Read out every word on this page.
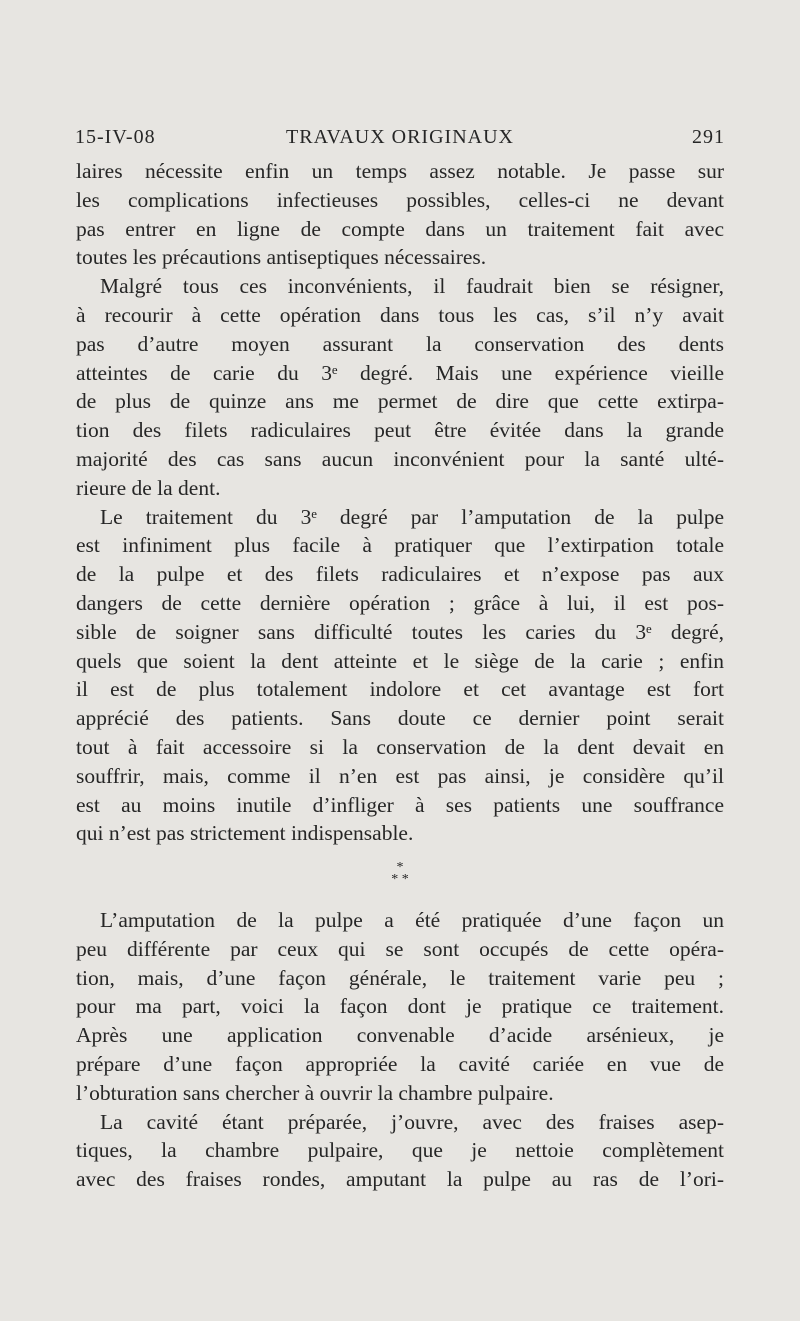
15-IV-08	TRAVAUX ORIGINAUX	291
laires nécessite enfin un temps assez notable. Je passe sur
les complications infectieuses possibles, celles-ci ne devant
pas entrer en ligne de compte dans un traitement fait avec
toutes les précautions antiseptiques nécessaires.
Malgré tous ces inconvénients, il faudrait bien se résigner,
à recourir à cette opération dans tous les cas, s’il n’y avait
pas d’autre moyen assurant la conservation des dents
atteintes de carie du 3ᵉ degré. Mais une expérience vieille
de plus de quinze ans me permet de dire que cette extirpa-
tion des filets radiculaires peut être évitée dans la grande
majorité des cas sans aucun inconvénient pour la santé ulté-
rieure de la dent.
Le traitement du 3ᵉ degré par l’amputation de la pulpe
est infiniment plus facile à pratiquer que l’extirpation totale
de la pulpe et des filets radiculaires et n’expose pas aux
dangers de cette dernière opération ; grâce à lui, il est pos-
sible de soigner sans difficulté toutes les caries du 3ᵉ degré,
quels que soient la dent atteinte et le siège de la carie ; enfin
il est de plus totalement indolore et cet avantage est fort
apprécié des patients. Sans doute ce dernier point serait
tout à fait accessoire si la conservation de la dent devait en
souffrir, mais, comme il n’en est pas ainsi, je considère qu’il
est au moins inutile d’infliger à ses patients une souffrance
qui n’est pas strictement indispensable.
*
* *
L’amputation de la pulpe a été pratiquée d’une façon un
peu différente par ceux qui se sont occupés de cette opéra-
tion, mais, d’une façon générale, le traitement varie peu ;
pour ma part, voici la façon dont je pratique ce traitement.
Après une application convenable d’acide arsénieux, je
prépare d’une façon appropriée la cavité cariée en vue de
l’obturation sans chercher à ouvrir la chambre pulpaire.
La cavité étant préparée, j’ouvre, avec des fraises asep-
tiques, la chambre pulpaire, que je nettoie complètement
avec des fraises rondes, amputant la pulpe au ras de l’ori-
